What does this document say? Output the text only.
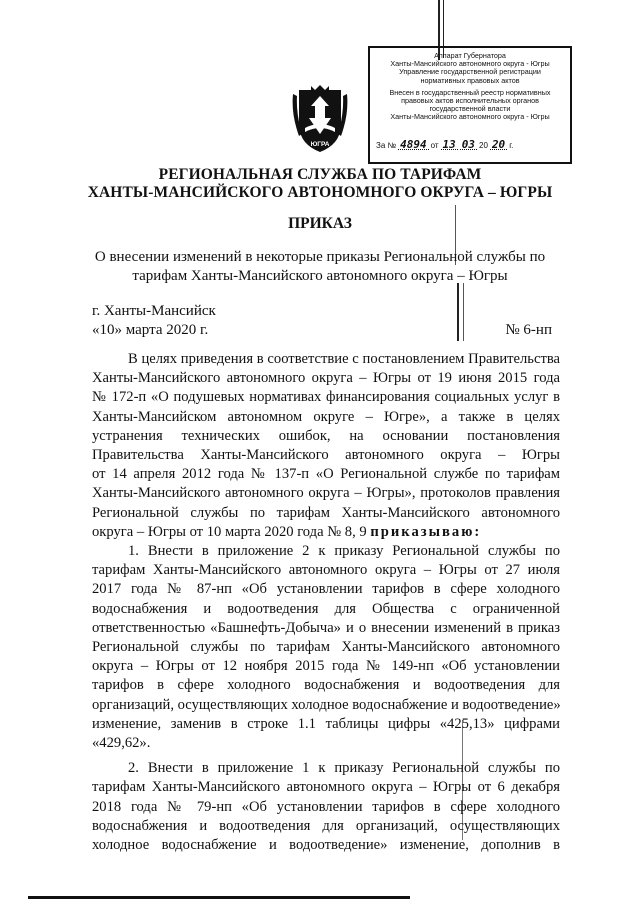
ЮГРА
Аппарат Губернатора
Ханты-Мансийского автономного округа - Югры
Управление государственной регистрации
нормативных правовых актов
Внесен в государственный реестр нормативных
правовых актов исполнительных органов
государственной власти
Ханты-Мансийского автономного округа - Югры
За № 4894 от 13 03 20 20 г.
РЕГИОНАЛЬНАЯ СЛУЖБА ПО ТАРИФАМ
ХАНТЫ-МАНСИЙСКОГО АВТОНОМНОГО ОКРУГА – ЮГРЫ
ПРИКАЗ
О внесении изменений в некоторые приказы Региональной службы по
тарифам Ханты-Мансийского автономного округа – Югры
г. Ханты-Мансийск
«10» марта 2020 г.	№ 6-нп
В целях приведения в соответствие с постановлением Правительства
Ханты-Мансийского автономного округа – Югры от 19 июня 2015 года
№ 172-п «О подушевых нормативах финансирования социальных услуг в
Ханты-Мансийском автономном округе – Югре», а также в целях
устранения технических ошибок, на основании постановления
Правительства Ханты-Мансийского автономного округа – Югры
от 14 апреля 2012 года № 137-п «О Региональной службе по тарифам
Ханты-Мансийского автономного округа – Югры», протоколов правления
Региональной службы по тарифам Ханты-Мансийского автономного
округа – Югры от 10 марта 2020 года № 8, 9 приказываю:
1. Внести в приложение 2 к приказу Региональной службы по
тарифам Ханты-Мансийского автономного округа – Югры от 27 июля
2017 года № 87-нп «Об установлении тарифов в сфере холодного
водоснабжения и водоотведения для Общества с ограниченной
ответственностью «Башнефть-Добыча» и о внесении изменений в приказ
Региональной службы по тарифам Ханты-Мансийского автономного
округа – Югры от 12 ноября 2015 года № 149-нп «Об установлении
тарифов в сфере холодного водоснабжения и водоотведения для
организаций, осуществляющих холодное водоснабжение и водоотведение»
изменение, заменив в строке 1.1 таблицы цифры «425,13» цифрами
«429,62».
2. Внести в приложение 1 к приказу Региональной службы по
тарифам Ханты-Мансийского автономного округа – Югры от 6 декабря
2018 года № 79-нп «Об установлении тарифов в сфере холодного
водоснабжения и водоотведения для организаций, осуществляющих
холодное водоснабжение и водоотведение» изменение, дополнив в
